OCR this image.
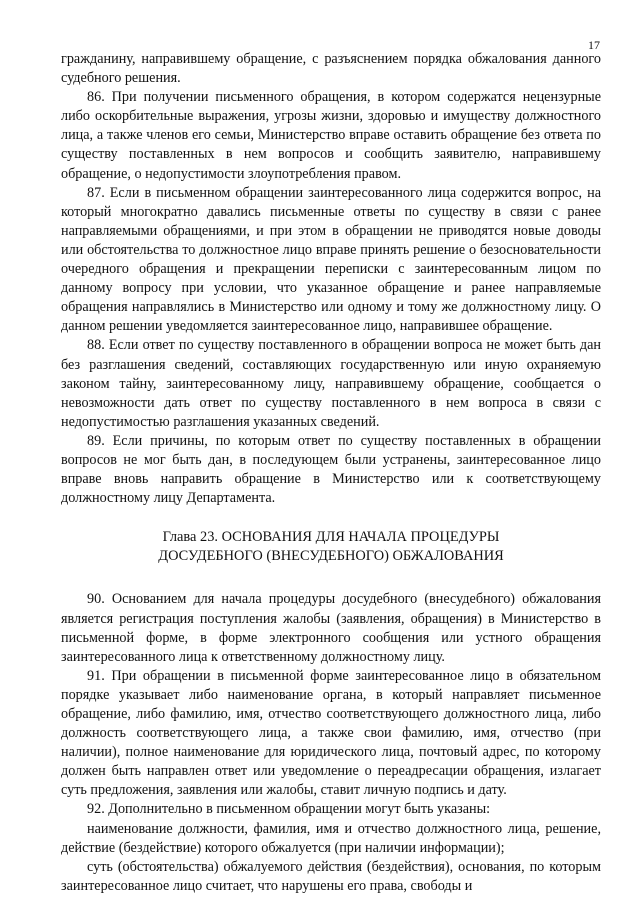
17

гражданину, направившему обращение, с разъяснением порядка обжалования данного судебного решения.

86. При получении письменного обращения, в котором содержатся нецензурные либо оскорбительные выражения, угрозы жизни, здоровью и имуществу должностного лица, а также членов его семьи, Министерство вправе оставить обращение без ответа по существу поставленных в нем вопросов и сообщить заявителю, направившему обращение, о недопустимости злоупотребления правом.

87. Если в письменном обращении заинтересованного лица содержится вопрос, на который многократно давались письменные ответы по существу в связи с ранее направляемыми обращениями, и при этом в обращении не приводятся новые доводы или обстоятельства то должностное лицо вправе принять решение о безосновательности очередного обращения и прекращении переписки с заинтересованным лицом по данному вопросу при условии, что указанное обращение и ранее направляемые обращения направлялись в Министерство или одному и тому же должностному лицу. О данном решении уведомляется заинтересованное лицо, направившее обращение.

88. Если ответ по существу поставленного в обращении вопроса не может быть дан без разглашения сведений, составляющих государственную или иную охраняемую законом тайну, заинтересованному лицу, направившему обращение, сообщается о невозможности дать ответ по существу поставленного в нем вопроса в связи с недопустимостью разглашения указанных сведений.

89. Если причины, по которым ответ по существу поставленных в обращении вопросов не мог быть дан, в последующем были устранены, заинтересованное лицо вправе вновь направить обращение в Министерство или к соответствующему должностному лицу Департамента.

Глава 23. ОСНОВАНИЯ ДЛЯ НАЧАЛА ПРОЦЕДУРЫ
ДОСУДЕБНОГО (ВНЕСУДЕБНОГО) ОБЖАЛОВАНИЯ

90. Основанием для начала процедуры досудебного (внесудебного) обжалования является регистрация поступления жалобы (заявления, обращения) в Министерство в письменной форме, в форме электронного сообщения или устного обращения заинтересованного лица к ответственному должностному лицу.

91. При обращении в письменной форме заинтересованное лицо в обязательном порядке указывает либо наименование органа, в который направляет письменное обращение, либо фамилию, имя, отчество соответствующего должностного лица, либо должность соответствующего лица, а также свои фамилию, имя, отчество (при наличии), полное наименование для юридического лица, почтовый адрес, по которому должен быть направлен ответ или уведомление о переадресации обращения, излагает суть предложения, заявления или жалобы, ставит личную подпись и дату.

92. Дополнительно в письменном обращении могут быть указаны:

наименование должности, фамилия, имя и отчество должностного лица, решение, действие (бездействие) которого обжалуется (при наличии информации);

суть (обстоятельства) обжалуемого действия (бездействия), основания, по которым заинтересованное лицо считает, что нарушены его права, свободы и
